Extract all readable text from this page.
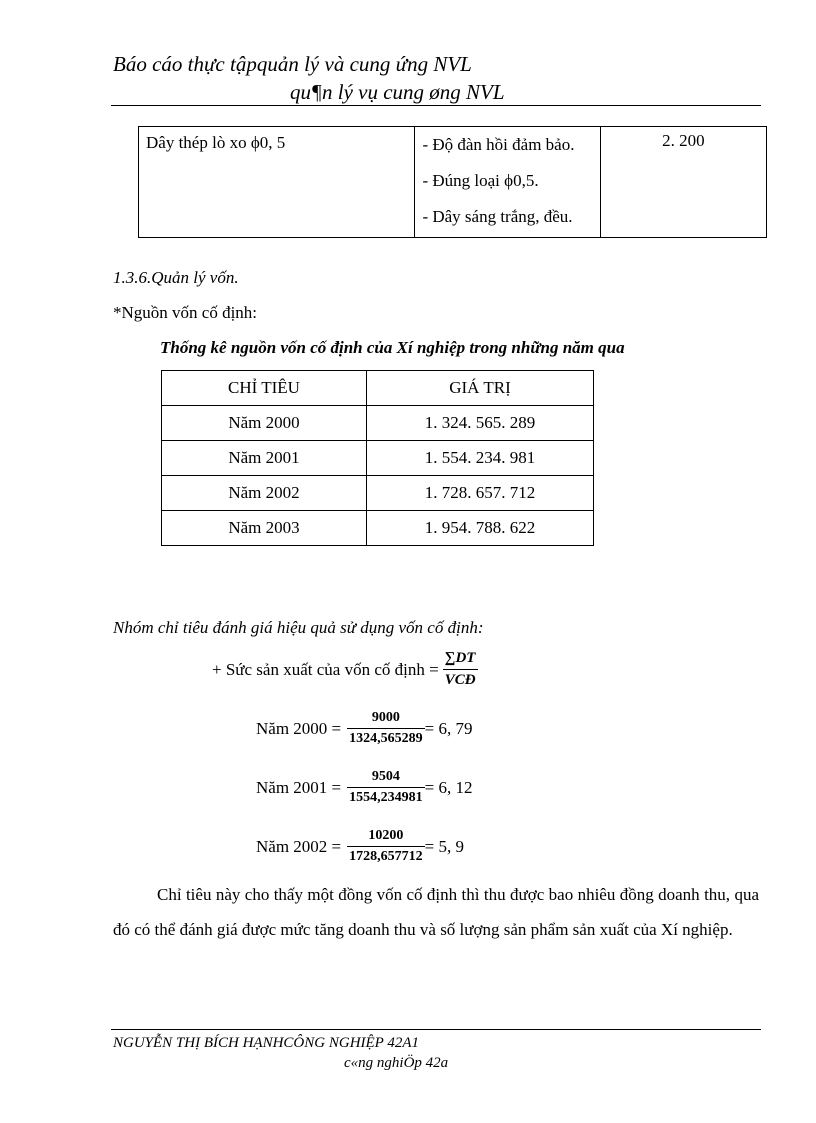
Báo cáo thực tậpquản lý và cung ứng NVL
qu¶n lý vụ cung øng NVL
Dây thép lò xo ϕ0, 5	- Độ đàn hồi đảm bảo.
- Đúng loại ϕ0,5.
- Dây sáng trắng, đều.
	2. 200
1.3.6.Quản lý vốn.
*Nguồn vốn cố định:
Thống kê nguồn vốn cố định của Xí nghiệp trong những năm qua
CHỈ TIÊU	GIÁ TRỊ
Năm 2000	1. 324. 565. 289
Năm 2001	1. 554. 234. 981
Năm 2002	1. 728. 657. 712
Năm 2003	1. 954. 788. 622
Nhóm chỉ tiêu đánh giá hiệu quả sử dụng vốn cố định:
+ Sức sản xuất của vốn cố định = $\frac{\sum DT}{\text{VCĐ}}$
Năm $2000 = \frac{9000}{1324,565289} = 6$, 79
Năm $2001 = \frac{9504}{1554,234981} = 6$, 12
Năm $2002 = \frac{10200}{1728,657712} = 5$, 9
Chỉ tiêu này cho thấy một đồng vốn cố định thì thu được bao nhiêu đồng doanh thu, qua đó có thể đánh giá được mức tăng doanh thu và số lượng sản phẩm sản xuất của Xí nghiệp.
NGUYỄN THỊ BÍCH HẠNHCÔNG NGHIỆP 42A1
c«ng nghiÖp 42a
